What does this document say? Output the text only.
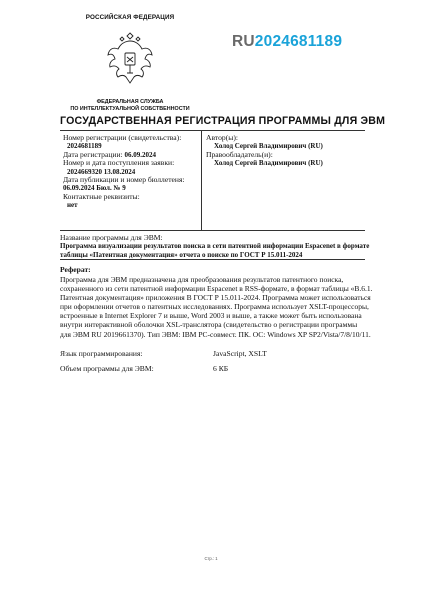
РОССИЙСКАЯ ФЕДЕРАЦИЯ
RU2024681189
ФЕДЕРАЛЬНАЯ СЛУЖБА
ПО ИНТЕЛЛЕКТУАЛЬНОЙ СОБСТВЕННОСТИ
ГОСУДАРСТВЕННАЯ РЕГИСТРАЦИЯ ПРОГРАММЫ ДЛЯ ЭВМ
Номер регистрации (свидетельства):
2024681189
Дата регистрации: 06.09.2024
Номер и дата поступления заявки:
2024669320 13.08.2024
Дата публикации и номер бюллетеня:
06.09.2024 Бюл. № 9
Контактные реквизиты:
нет
Автор(ы):
Холод Сергей Владимирович (RU)
Правообладатель(и):
Холод Сергей Владимирович (RU)
Название программы для ЭВМ:
Программа визуализации результатов поиска в сети патентной информации Espacenet в формате
таблицы «Патентная документация» отчета о поиске по ГОСТ Р 15.011-2024
Реферат:
Программа для ЭВМ предназначена для преобразования результатов патентного поиска,
сохраненного из сети патентной информации Espacenet в RSS-формате, в формат таблицы «В.6.1.
Патентная документация» приложения В ГОСТ Р 15.011-2024. Программа может использоваться
при оформлении отчетов о патентных исследованиях. Программа использует XSLT-процессоры,
встроенные в Internet Explorer 7 и выше, Word 2003 и выше, а также может быть использована
внутри интерактивной оболочки XSL-транслятора (свидетельство о регистрации программы
для ЭВМ RU 2019661370). Тип ЭВМ: IBM PC-совмест. ПК. ОС: Windows XP SP2/Vista/7/8/10/11.
Язык программирования:	JavaScript, XSLT
Объем программы для ЭВМ:	6 КБ
Стр.: 1
